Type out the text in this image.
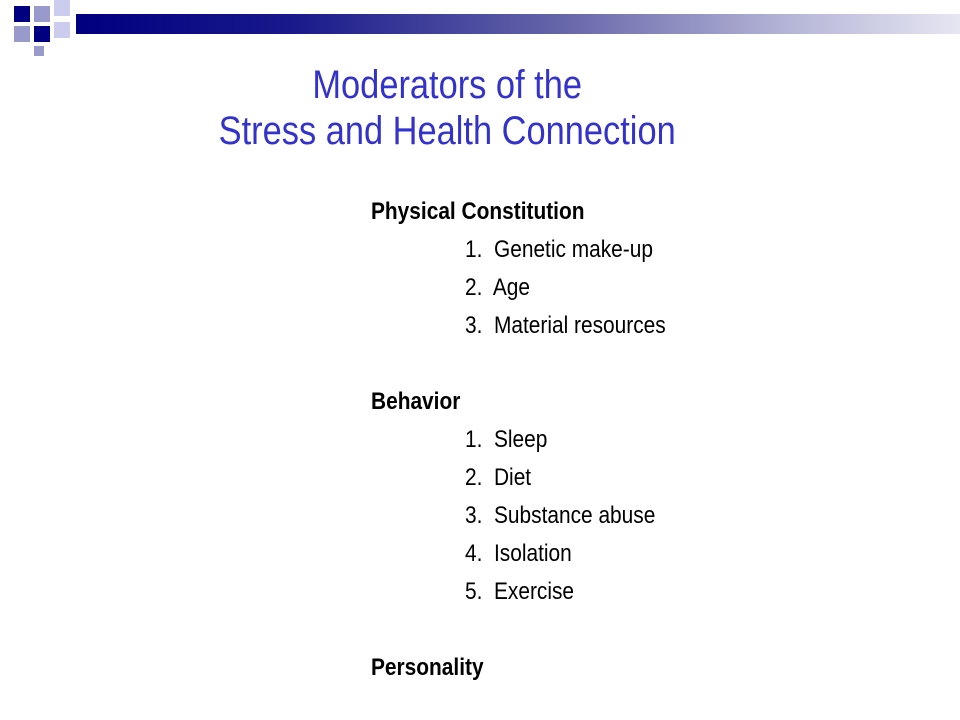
Moderators of the
Stress and Health Connection
Physical Constitution
1.  Genetic make-up
2.  Age
3.  Material resources
Behavior
1.  Sleep
2.  Diet
3.  Substance abuse
4.  Isolation
5.  Exercise
Personality
